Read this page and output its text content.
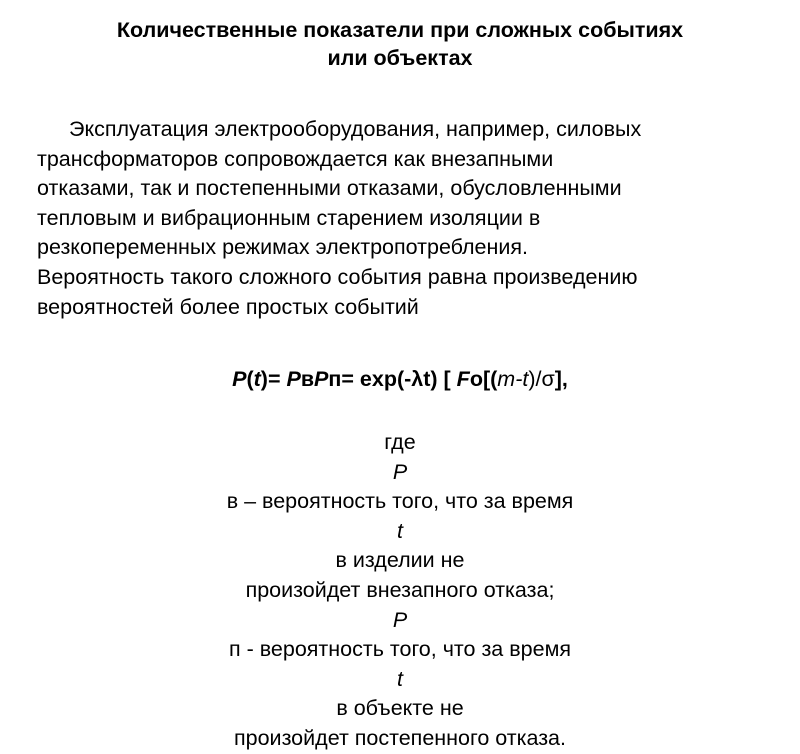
Количественные показатели при сложных событиях
или объектах
Эксплуатация электрооборудования, например, силовых
трансформаторов сопровождается как внезапными
отказами, так и постепенными отказами, обусловленными
тепловым и вибрационным старением изоляции в
резкопеременных режимах электропотребления.
Вероятность такого сложного события равна произведению
вероятностей более простых событий
P(t)= PвPп= exp(-λt) [ Fo[(m-t)/σ],
где
P
в – вероятность того, что за время
t
в изделии не
произойдет внезапного отказа;
P
п - вероятность того, что за время
t
в объекте не
произойдет постепенного отказа.
